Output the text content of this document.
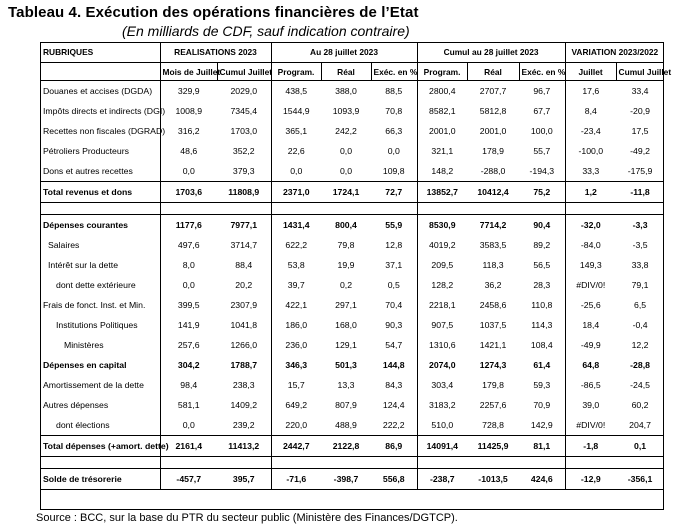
Tableau 4. Exécution des opérations financières de l’Etat
(En milliards de CDF, sauf indication contraire)
RUBRIQUES	REALISATIONS 2023		Au 28 juillet 2023			Cumul au 28 juillet 2023			VARIATION 2023/2022	
	Mois de Juillet	Cumul Juillet	Program.	Réal	Exéc. en %	Program.	Réal	Exéc. en %	Juillet	Cumul Juillet
Douanes et accises (DGDA)	329,9	2029,0	438,5	388,0	88,5	2800,4	2707,7	96,7	17,6	33,4
Impôts directs et indirects (DGI)	1008,9	7345,4	1544,9	1093,9	70,8	8582,1	5812,8	67,7	8,4	-20,9
Recettes non fiscales (DGRAD)	316,2	1703,0	365,1	242,2	66,3	2001,0	2001,0	100,0	-23,4	17,5
Pétroliers Producteurs	48,6	352,2	22,6	0,0	0,0	321,1	178,9	55,7	-100,0	-49,2
Dons et autres recettes	0,0	379,3	0,0	0,0	109,8	148,2	-288,0	-194,3	33,3	-175,9
Total revenus et dons	1703,6	11808,9	2371,0	1724,1	72,7	13852,7	10412,4	75,2	1,2	-11,8

Dépenses courantes	1177,6	7977,1	1431,4	800,4	55,9	8530,9	7714,2	90,4	-32,0	-3,3
Salaires	497,6	3714,7	622,2	79,8	12,8	4019,2	3583,5	89,2	-84,0	-3,5
Intérêt sur la dette	8,0	88,4	53,8	19,9	37,1	209,5	118,3	56,5	149,3	33,8
dont dette extérieure	0,0	20,2	39,7	0,2	0,5	128,2	36,2	28,3	#DIV/0!	79,1
Frais de fonct. Inst. et Min.	399,5	2307,9	422,1	297,1	70,4	2218,1	2458,6	110,8	-25,6	6,5
Institutions Politiques	141,9	1041,8	186,0	168,0	90,3	907,5	1037,5	114,3	18,4	-0,4
Ministères	257,6	1266,0	236,0	129,1	54,7	1310,6	1421,1	108,4	-49,9	12,2
Dépenses en capital	304,2	1788,7	346,3	501,3	144,8	2074,0	1274,3	61,4	64,8	-28,8
Amortissement de la dette	98,4	238,3	15,7	13,3	84,3	303,4	179,8	59,3	-86,5	-24,5
Autres dépenses	581,1	1409,2	649,2	807,9	124,4	3183,2	2257,6	70,9	39,0	60,2
dont élections	0,0	239,2	220,0	488,9	222,2	510,0	728,8	142,9	#DIV/0!	204,7
Total dépenses (+amort. dette)	2161,4	11413,2	2442,7	2122,8	86,9	14091,4	11425,9	81,1	-1,8	0,1

Solde de trésorerie	-457,7	395,7	-71,6	-398,7	556,8	-238,7	-1013,5	424,6	-12,9	-356,1
Source : BCC, sur la base du PTR du secteur public (Ministère des Finances/DGTCP).
